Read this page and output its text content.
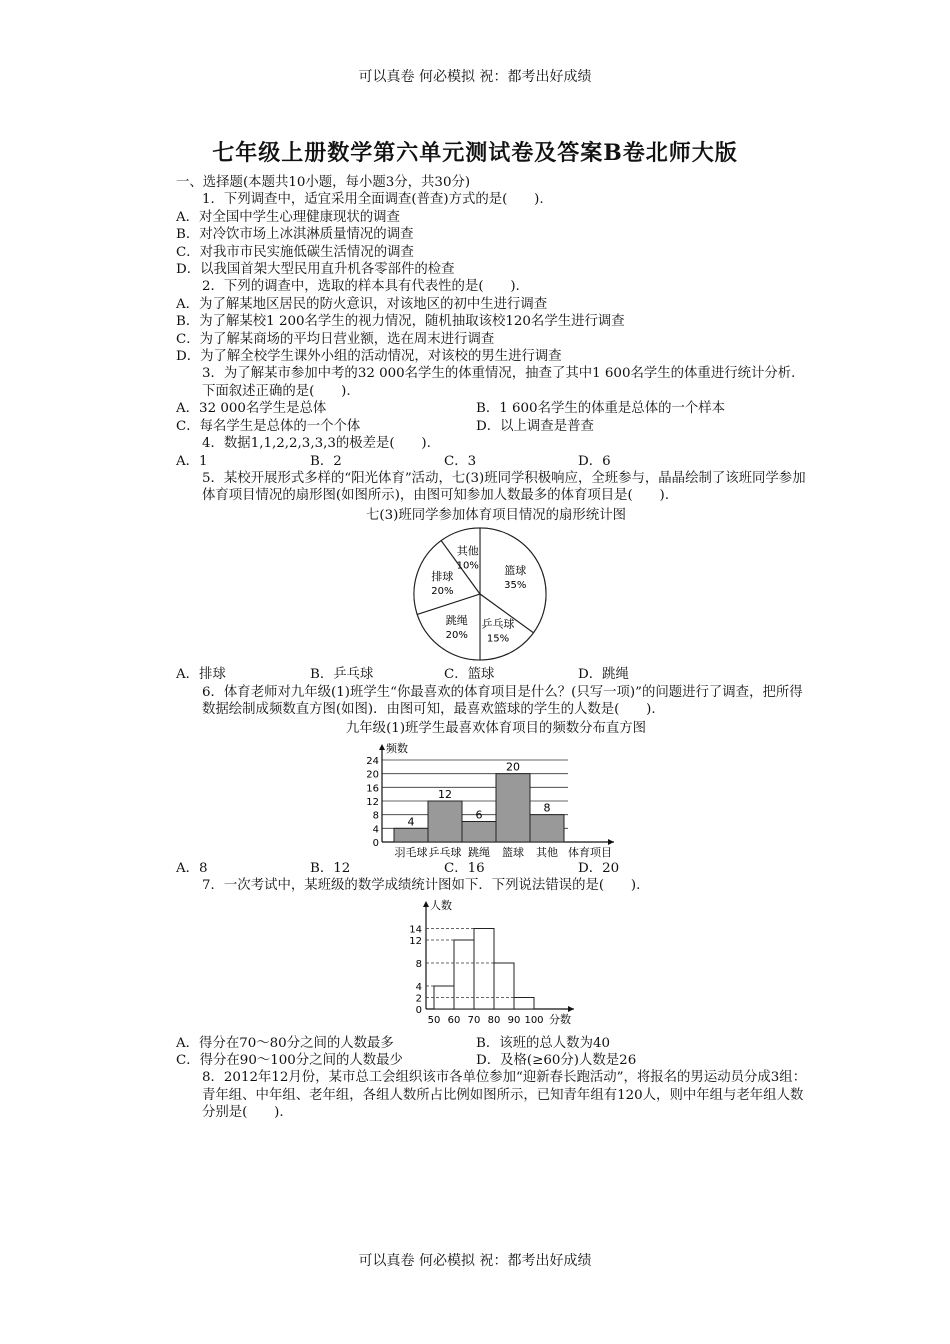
可以真卷 何必模拟 祝：都考出好成绩
七年级上册数学第六单元测试卷及答案B卷北师大版
一、选择题(本题共10小题，每小题3分，共30分)
1．下列调查中，适宜采用全面调查(普查)方式的是(　　).
A．对全国中学生心理健康现状的调查
B．对冷饮市场上冰淇淋质量情况的调查
C．对我市市民实施低碳生活情况的调查
D．以我国首架大型民用直升机各零部件的检查
2．下列的调查中，选取的样本具有代表性的是(　　).
A．为了解某地区居民的防火意识，对该地区的初中生进行调查
B．为了解某校1 200名学生的视力情况，随机抽取该校120名学生进行调查
C．为了解某商场的平均日营业额，选在周末进行调查
D．为了解全校学生课外小组的活动情况，对该校的男生进行调查
3．为了解某市参加中考的32 000名学生的体重情况，抽查了其中1 600名学生的体重进行统计分析．下面叙述正确的是(　　).
A．32 000名学生是总体	B．1 600名学生的体重是总体的一个样本
C．每名学生是总体的一个个体	D．以上调查是普查
4．数据1,1,2,2,3,3,3的极差是(　　).
A．1	B．2	C．3	D．6
5．某校开展形式多样的“阳光体育”活动，七(3)班同学积极响应，全班参与，晶晶绘制了该班同学参加体育项目情况的扇形图(如图所示)，由图可知参加人数最多的体育项目是(　　).
七(3)班同学参加体育项目情况的扇形统计图
篮球
35%
乒乓球
15%
跳绳
20%
排球
20%
其他
10%
A．排球	B．乒乓球	C．篮球	D．跳绳
6．体育老师对九年级(1)班学生“你最喜欢的体育项目是什么？(只写一项)”的问题进行了调查，把所得数据绘制成频数直方图(如图)．由图可知，最喜欢篮球的学生的人数是(　　).
九年级(1)班学生最喜欢体育项目的频数分布直方图
0
4
8
12
16
20
24
频数
4
羽毛球
12
乒乓球
6
跳绳
20
篮球
8
其他 体育项目
A．8	B．12	C．16	D．20
7．一次考试中，某班级的数学成绩统计图如下．下列说法错误的是(　　).
人数
0
2
4
8
12
14
50 60 70 80 90 100 分数
A．得分在70～80分之间的人数最多	B．该班的总人数为40
C．得分在90～100分之间的人数最少	D．及格(≥60分)人数是26
8．2012年12月份，某市总工会组织该市各单位参加“迎新春长跑活动”，将报名的男运动员分成3组：青年组、中年组、老年组，各组人数所占比例如图所示，已知青年组有120人，则中年组与老年组人数分别是(　　).
可以真卷 何必模拟 祝：都考出好成绩
